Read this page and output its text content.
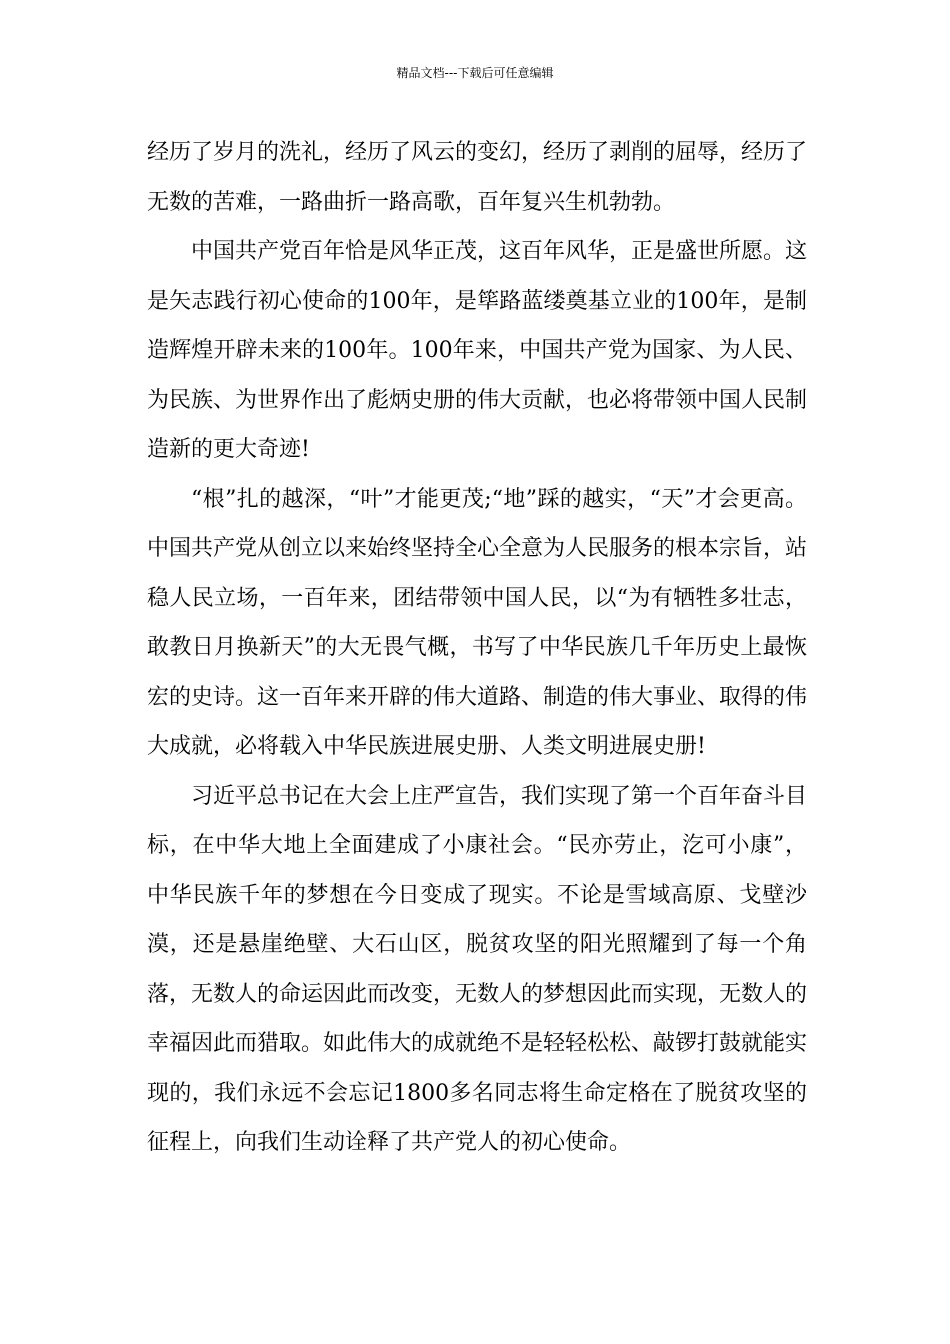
精品文档---下载后可任意编辑

经历了岁月的洗礼，经历了风云的变幻，经历了剥削的屈辱，经历了无数的苦难，一路曲折一路高歌，百年复兴生机勃勃。

中国共产党百年恰是风华正茂，这百年风华，正是盛世所愿。这是矢志践行初心使命的100年，是筚路蓝缕奠基立业的100年，是制造辉煌开辟未来的100年。100年来，中国共产党为国家、为人民、为民族、为世界作出了彪炳史册的伟大贡献，也必将带领中国人民制造新的更大奇迹!

“根”扎的越深，“叶”才能更茂;“地”踩的越实，“天”才会更高。中国共产党从创立以来始终坚持全心全意为人民服务的根本宗旨，站稳人民立场，一百年来，团结带领中国人民，以“为有牺牲多壮志，敢教日月换新天”的大无畏气概，书写了中华民族几千年历史上最恢宏的史诗。这一百年来开辟的伟大道路、制造的伟大事业、取得的伟大成就，必将载入中华民族进展史册、人类文明进展史册!

习近平总书记在大会上庄严宣告，我们实现了第一个百年奋斗目标，在中华大地上全面建成了小康社会。“民亦劳止，汔可小康”，中华民族千年的梦想在今日变成了现实。不论是雪域高原、戈壁沙漠，还是悬崖绝壁、大石山区，脱贫攻坚的阳光照耀到了每一个角落，无数人的命运因此而改变，无数人的梦想因此而实现，无数人的幸福因此而猎取。如此伟大的成就绝不是轻轻松松、敲锣打鼓就能实现的，我们永远不会忘记1800多名同志将生命定格在了脱贫攻坚的征程上，向我们生动诠释了共产党人的初心使命。
